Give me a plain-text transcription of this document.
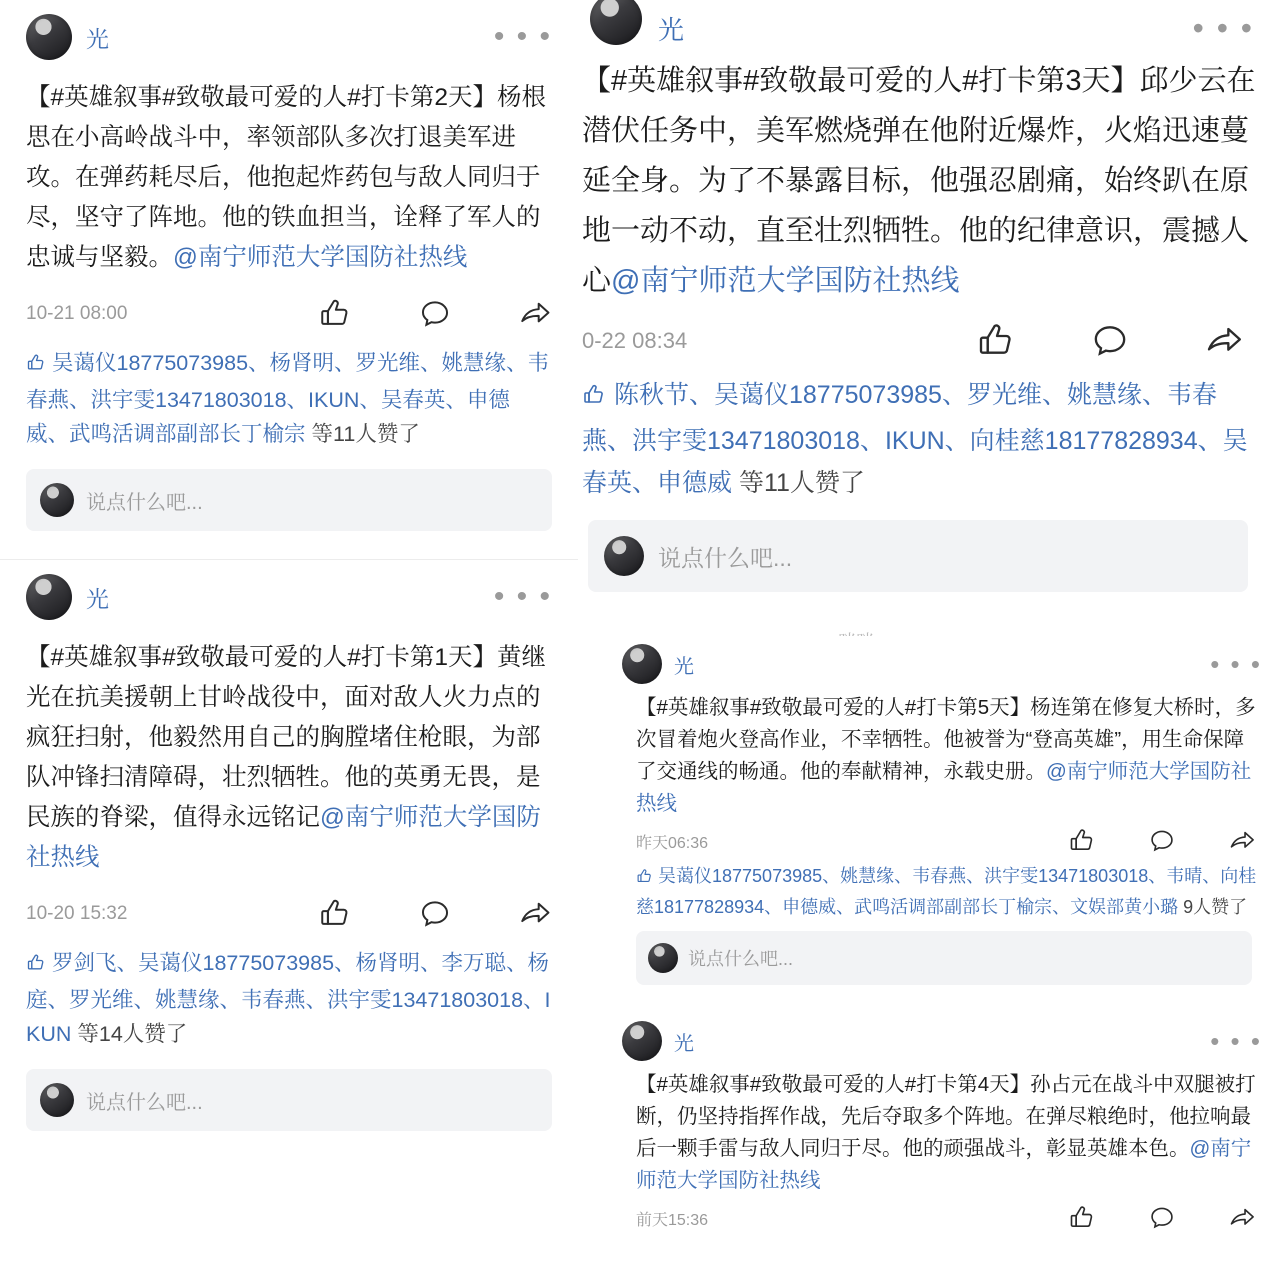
光	• • •
【#英雄叙事#致敬最可爱的人#打卡第2天】杨根思在小高岭战斗中，率领部队多次打退美军进攻。在弹药耗尽后，他抱起炸药包与敌人同归于尽，坚守了阵地。他的铁血担当，诠释了军人的忠诚与坚毅。@南宁师范大学国防社热线
10-21 08:00
吴蔼仪18775073985、杨肾明、罗光维、姚慧缘、韦春燕、洪宇雯13471803018、IKUN、吴春英、申德威、武鸣活调部副部长丁榆宗 等11人赞了
说点什么吧...
光	• • •
【#英雄叙事#致敬最可爱的人#打卡第1天】黄继光在抗美援朝上甘岭战役中，面对敌人火力点的疯狂扫射，他毅然用自己的胸膛堵住枪眼，为部队冲锋扫清障碍，壮烈牺牲。他的英勇无畏，是民族的脊梁，值得永远铭记@南宁师范大学国防社热线
10-20 15:32
罗剑飞、吴蔼仪18775073985、杨肾明、李万聪、杨庭、罗光维、姚慧缘、韦春燕、洪宇雯13471803018、IKUN 等14人赞了
说点什么吧...
光	• • •
【#英雄叙事#致敬最可爱的人#打卡第3天】邱少云在潜伏任务中，美军燃烧弹在他附近爆炸，火焰迅速蔓延全身。为了不暴露目标，他强忍剧痛，始终趴在原地一动不动，直至壮烈牺牲。他的纪律意识，震撼人心@南宁师范大学国防社热线
0-22 08:34
陈秋节、吴蔼仪18775073985、罗光维、姚慧缘、韦春燕、洪宇雯13471803018、IKUN、向桂慈18177828934、吴春英、申德威 等11人赞了
说点什么吧...
光	• • •
【#英雄叙事#致敬最可爱的人#打卡第5天】杨连第在修复大桥时，多次冒着炮火登高作业，不幸牺牲。他被誉为“登高英雄”，用生命保障了交通线的畅通。他的奉献精神，永载史册。@南宁师范大学国防社热线
昨天06:36
吴蔼仪18775073985、姚慧缘、韦春燕、洪宇雯13471803018、韦晴、向桂慈18177828934、申德威、武鸣活调部副部长丁榆宗、文娱部黄小璐 9人赞了
说点什么吧...
光	• • •
【#英雄叙事#致敬最可爱的人#打卡第4天】孙占元在战斗中双腿被打断，仍坚持指挥作战，先后夺取多个阵地。在弹尽粮绝时，他拉响最后一颗手雷与敌人同归于尽。他的顽强战斗，彰显英雄本色。@南宁师范大学国防社热线
前天15:36
